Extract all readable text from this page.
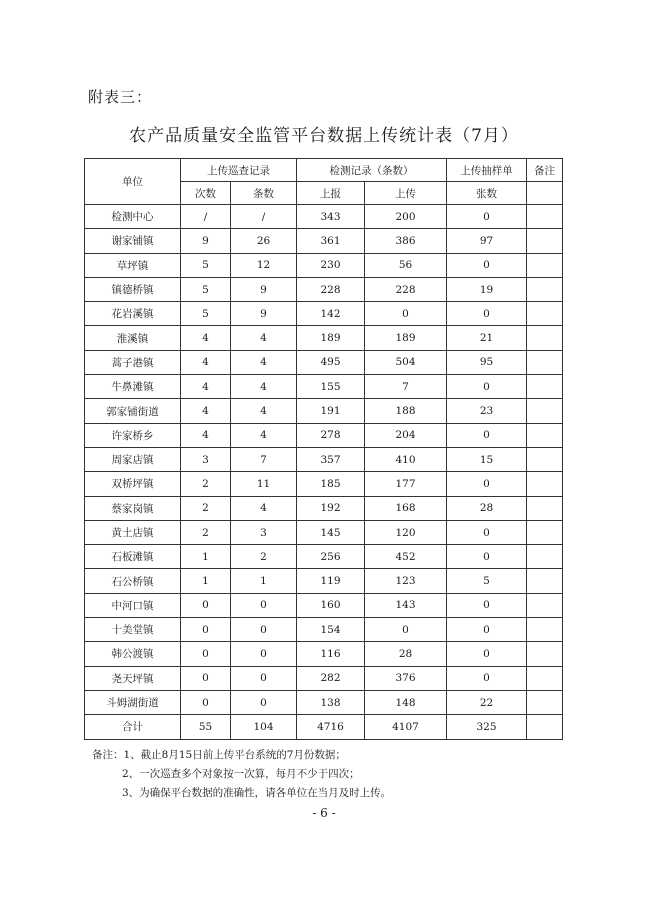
附表三：
农产品质量安全监管平台数据上传统计表（7月）
单位	上传巡查记录		检测记录（条数）		上传抽样单	备注
	次数	条数	上报	上传	张数	
检测中心	/	/	343	200	0	
谢家铺镇	9	26	361	386	97	
草坪镇	5	12	230	56	0	
镇德桥镇	5	9	228	228	19	
花岩溪镇	5	9	142	0	0	
淮溪镇	4	4	189	189	21	
蒿子港镇	4	4	495	504	95	
牛鼻滩镇	4	4	155	7	0	
郭家铺街道	4	4	191	188	23	
许家桥乡	4	4	278	204	0	
周家店镇	3	7	357	410	15	
双桥坪镇	2	11	185	177	0	
蔡家岗镇	2	4	192	168	28	
黄土店镇	2	3	145	120	0	
石板滩镇	1	2	256	452	0	
石公桥镇	1	1	119	123	5	
中河口镇	0	0	160	143	0	
十美堂镇	0	0	154	0	0	
韩公渡镇	0	0	116	28	0	
尧天坪镇	0	0	282	376	0	
斗姆湖街道	0	0	138	148	22	
合计	55	104	4716	4107	325	
备注：1、截止8月15日前上传平台系统的7月份数据；
2、一次巡查多个对象按一次算，每月不少于四次；
3、为确保平台数据的准确性，请各单位在当月及时上传。
- 6 -
